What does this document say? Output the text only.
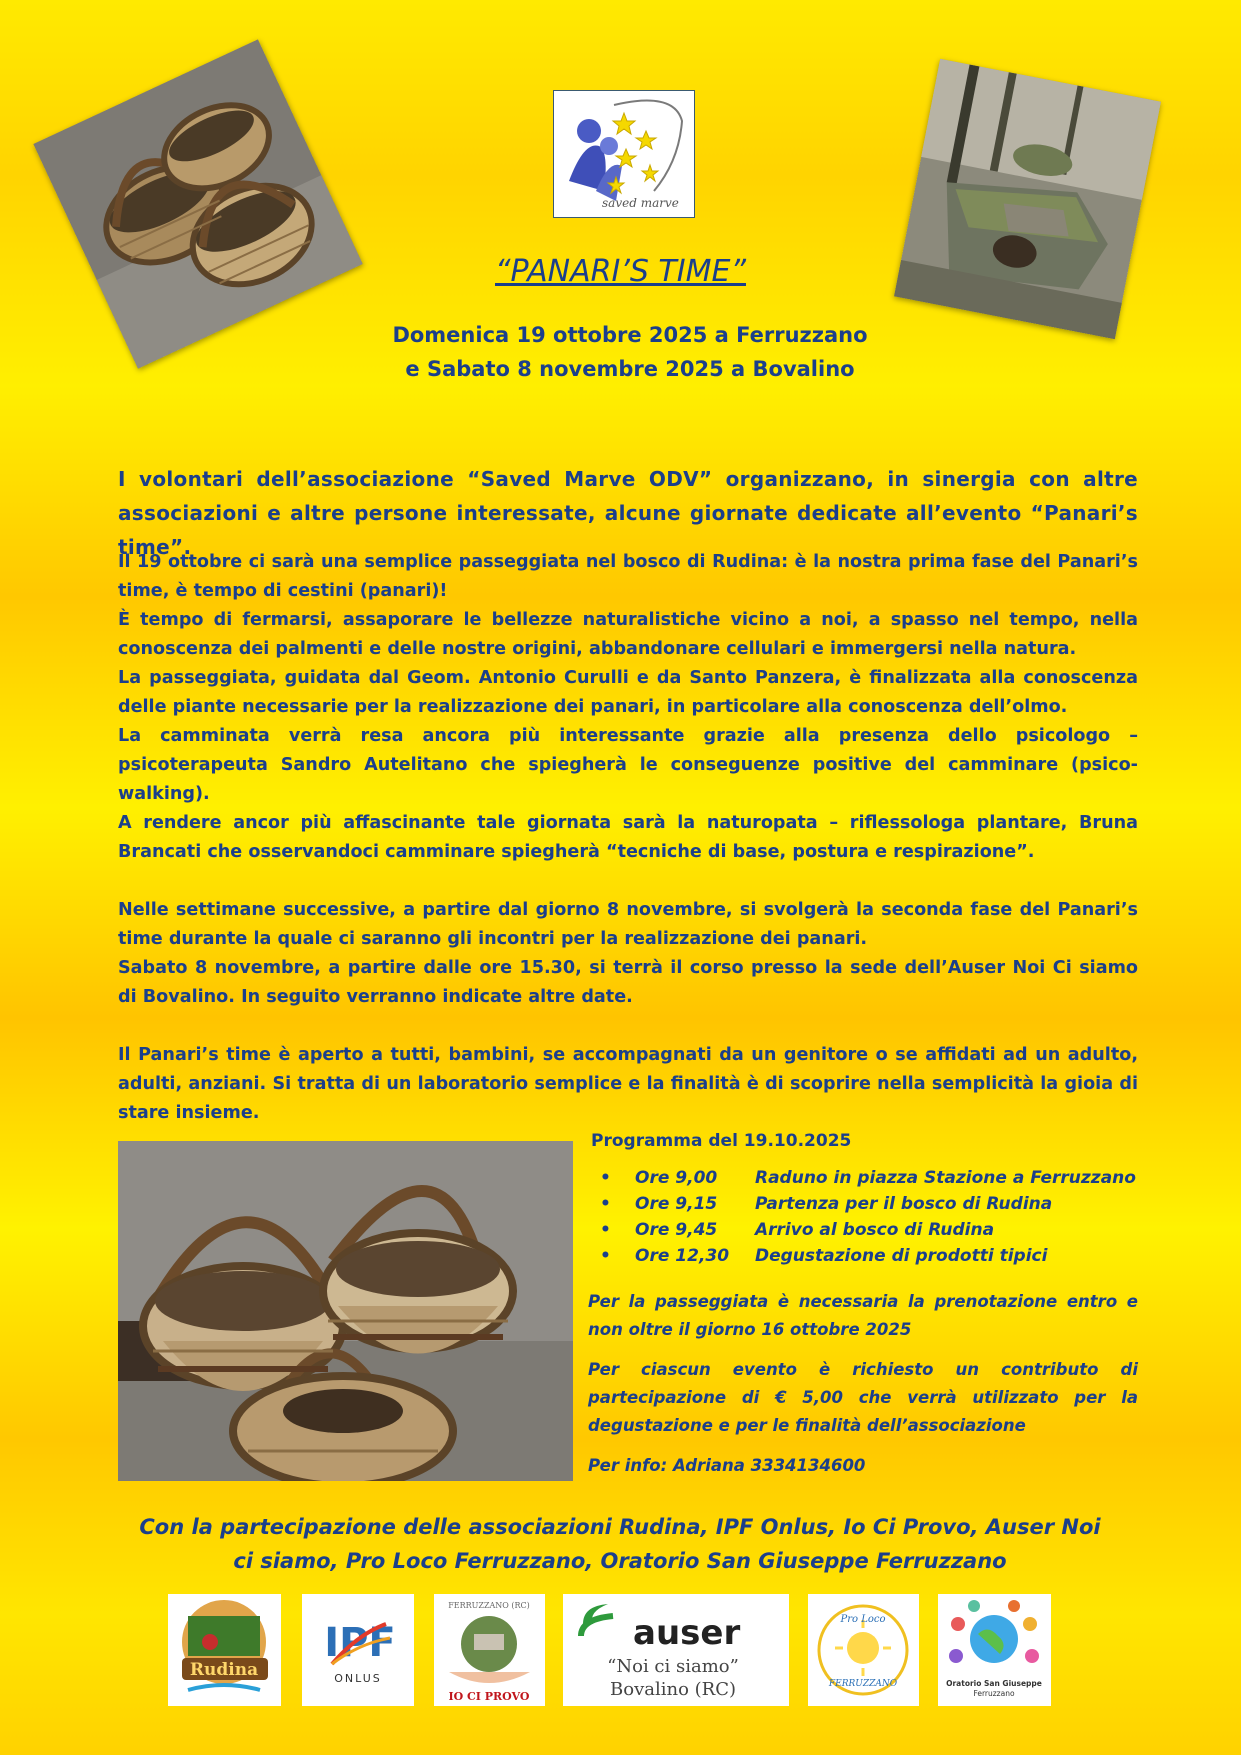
saved marve
“PANARI’S TIME”
Domenica 19 ottobre 2025 a Ferruzzano
e Sabato 8 novembre 2025 a Bovalino
I volontari dell’associazione “Saved Marve ODV” organizzano, in sinergia con altre associazioni e altre persone interessate, alcune giornate dedicate all’evento “Panari’s time”.

Il 19 ottobre ci sarà una semplice passeggiata nel bosco di Rudina: è la nostra prima fase del Panari’s time, è tempo di cestini (panari)!

È tempo di fermarsi, assaporare le bellezze naturalistiche vicino a noi, a spasso nel tempo, nella conoscenza dei palmenti e delle nostre origini, abbandonare cellulari e immergersi nella natura.

La passeggiata, guidata dal Geom. Antonio Curulli e da Santo Panzera, è finalizzata alla conoscenza delle piante necessarie per la realizzazione dei panari, in particolare alla conoscenza dell’olmo.

La camminata verrà resa ancora più interessante grazie alla presenza dello psicologo – psicoterapeuta Sandro Autelitano che spiegherà le conseguenze positive del camminare (psico-walking).

A rendere ancor più affascinante tale giornata sarà la naturopata – riflessologa plantare, Bruna Brancati che osservandoci camminare spiegherà “tecniche di base, postura e respirazione”.

Nelle settimane successive, a partire dal giorno 8 novembre, si svolgerà la seconda fase del Panari’s time durante la quale ci saranno gli incontri per la realizzazione dei panari.

Sabato 8 novembre, a partire dalle ore 15.30, si terrà il corso presso la sede dell’Auser Noi Ci siamo di Bovalino. In seguito verranno indicate altre date.

Il Panari’s time è aperto a tutti, bambini, se accompagnati da un genitore o se affidati ad un adulto, adulti, anziani. Si tratta di un laboratorio semplice e la finalità è di scoprire nella semplicità la gioia di stare insieme.

Programma del 19.10.2025
•	Ore 9,00	Raduno in piazza Stazione a Ferruzzano
•	Ore 9,15	Partenza per il bosco di Rudina
•	Ore 9,45	Arrivo al bosco di Rudina
•	Ore 12,30	Degustazione di prodotti tipici
Per la passeggiata è necessaria la prenotazione entro e non oltre il giorno 16 ottobre 2025
Per ciascun evento è richiesto un contributo di partecipazione di € 5,00 che verrà utilizzato per la degustazione e per le finalità dell’associazione
Per info: Adriana 3334134600
Con la partecipazione delle associazioni Rudina, IPF Onlus, Io Ci Provo, Auser Noi ci siamo, Pro Loco Ferruzzano, Oratorio San Giuseppe Ferruzzano
Rudina
IPF
ONLUS
FERRUZZANO (RC)
IO CI PROVO
auser
“Noi ci siamo”
Bovalino (RC)
Pro Loco
FERRUZZANO	Oratorio San Giuseppe
Ferruzzano
